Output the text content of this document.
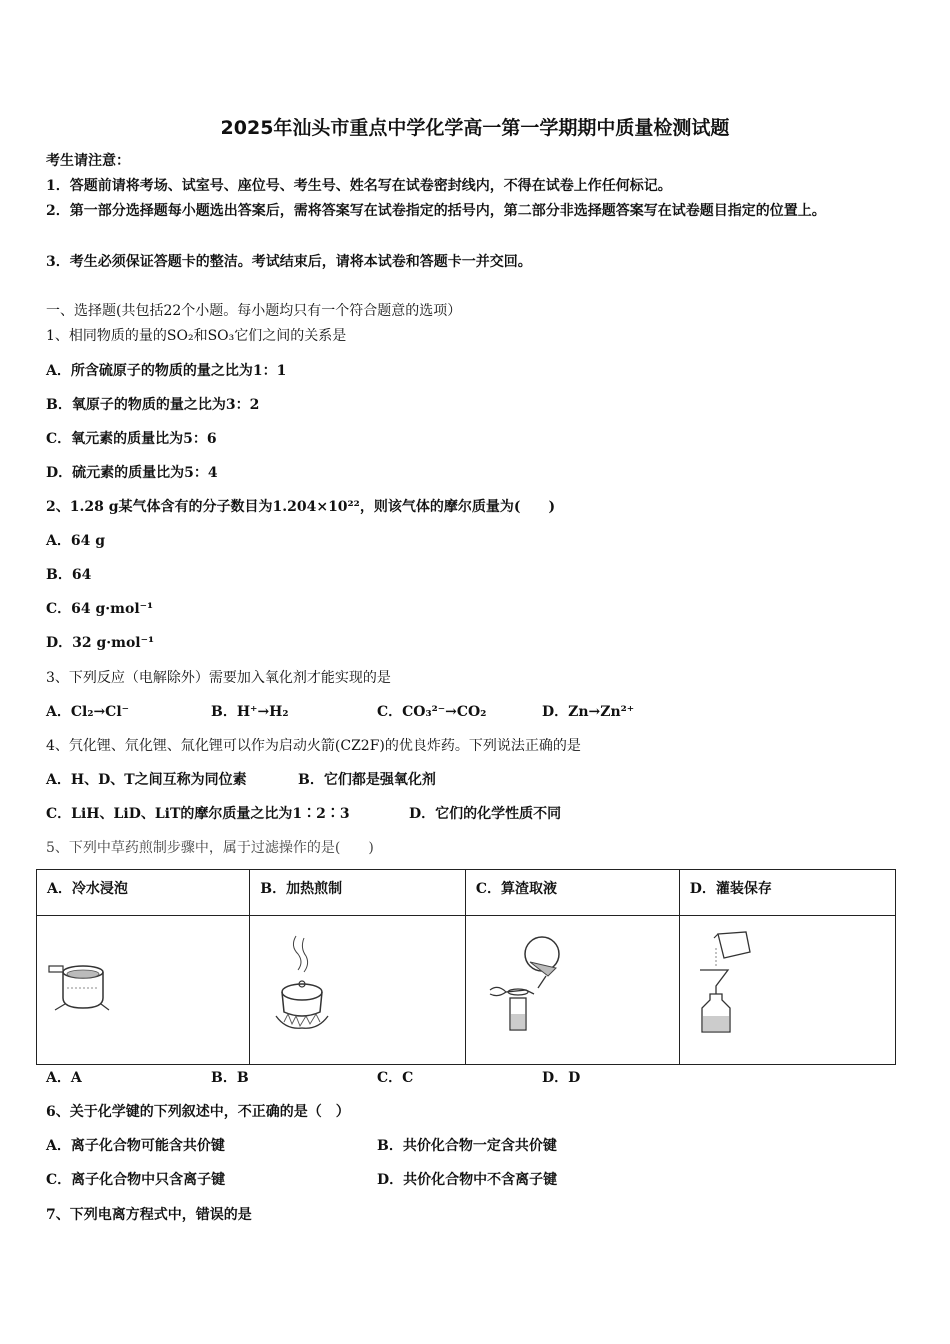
2025年汕头市重点中学化学高一第一学期期中质量检测试题
考生请注意：
1．答题前请将考场、试室号、座位号、考生号、姓名写在试卷密封线内，不得在试卷上作任何标记。
2．第一部分选择题每小题选出答案后，需将答案写在试卷指定的括号内，第二部分非选择题答案写在试卷题目指定的位置上。
3．考生必须保证答题卡的整洁。考试结束后，请将本试卷和答题卡一并交回。
一、选择题(共包括22个小题。每小题均只有一个符合题意的选项）
1、相同物质的量的SO₂和SO₃它们之间的关系是
A．所含硫原子的物质的量之比为1：1
B．氧原子的物质的量之比为3：2
C．氧元素的质量比为5：6
D．硫元素的质量比为5：4
2、1.28 g某气体含有的分子数目为1.204×10²²，则该气体的摩尔质量为(　　)
A．64 g
B．64
C．64 g·mol⁻¹
D．32 g·mol⁻¹
3、下列反应（电解除外）需要加入氧化剂才能实现的是
A．Cl₂→Cl⁻	B．H⁺→H₂	C．CO₃²⁻→CO₂	D．Zn→Zn²⁺
4、氕化锂、氘化锂、氚化锂可以作为启动火箭(CZ2F)的优良炸药。下列说法正确的是
A．H、D、T之间互称为同位素	B．它们都是强氧化剂
C．LiH、LiD、LiT的摩尔质量之比为1∶2∶3	D．它们的化学性质不同
5、下列中草药煎制步骤中，属于过滤操作的是(　　)
A．冷水浸泡	B．加热煎制	C．算渣取液	D．灌装保存

A．A	B．B	C．C	D．D
6、关于化学键的下列叙述中，不正确的是（　）
A．离子化合物可能含共价键	B．共价化合物一定含共价键
C．离子化合物中只含离子键	D．共价化合物中不含离子键
7、下列电离方程式中，错误的是
